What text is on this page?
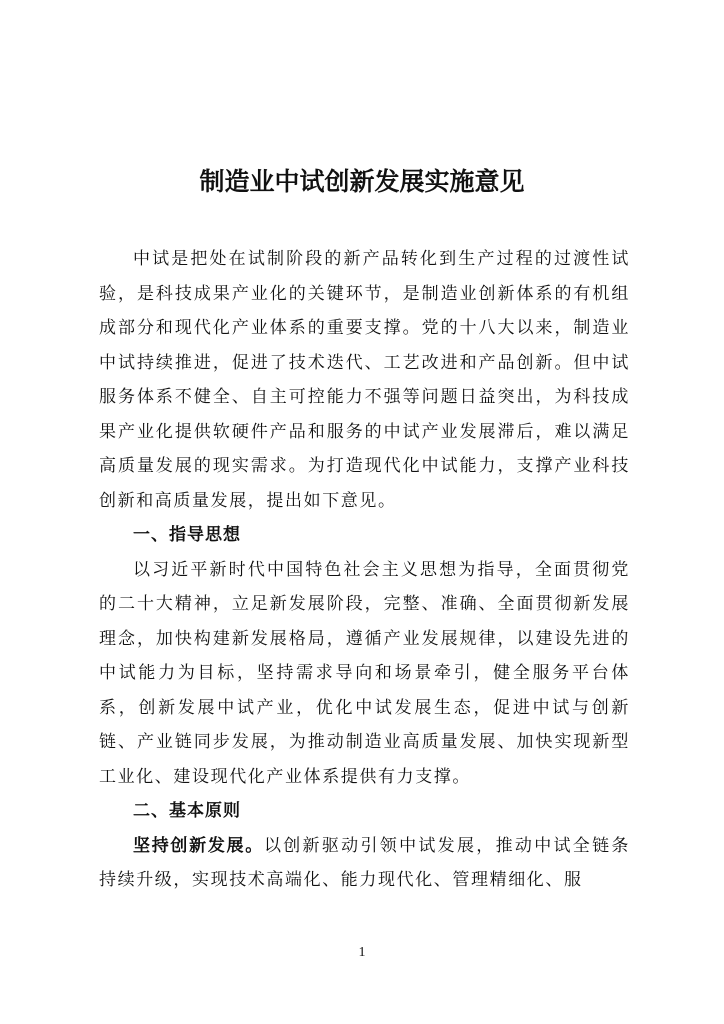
制造业中试创新发展实施意见

中试是把处在试制阶段的新产品转化到生产过程的过渡性试验，是科技成果产业化的关键环节，是制造业创新体系的有机组成部分和现代化产业体系的重要支撑。党的十八大以来，制造业中试持续推进，促进了技术迭代、工艺改进和产品创新。但中试服务体系不健全、自主可控能力不强等问题日益突出，为科技成果产业化提供软硬件产品和服务的中试产业发展滞后，难以满足高质量发展的现实需求。为打造现代化中试能力，支撑产业科技创新和高质量发展，提出如下意见。

一、指导思想

以习近平新时代中国特色社会主义思想为指导，全面贯彻党的二十大精神，立足新发展阶段，完整、准确、全面贯彻新发展理念，加快构建新发展格局，遵循产业发展规律，以建设先进的中试能力为目标，坚持需求导向和场景牵引，健全服务平台体系，创新发展中试产业，优化中试发展生态，促进中试与创新链、产业链同步发展，为推动制造业高质量发展、加快实现新型工业化、建设现代化产业体系提供有力支撑。

二、基本原则

坚持创新发展。以创新驱动引领中试发展，推动中试全链条持续升级，实现技术高端化、能力现代化、管理精细化、服

1
